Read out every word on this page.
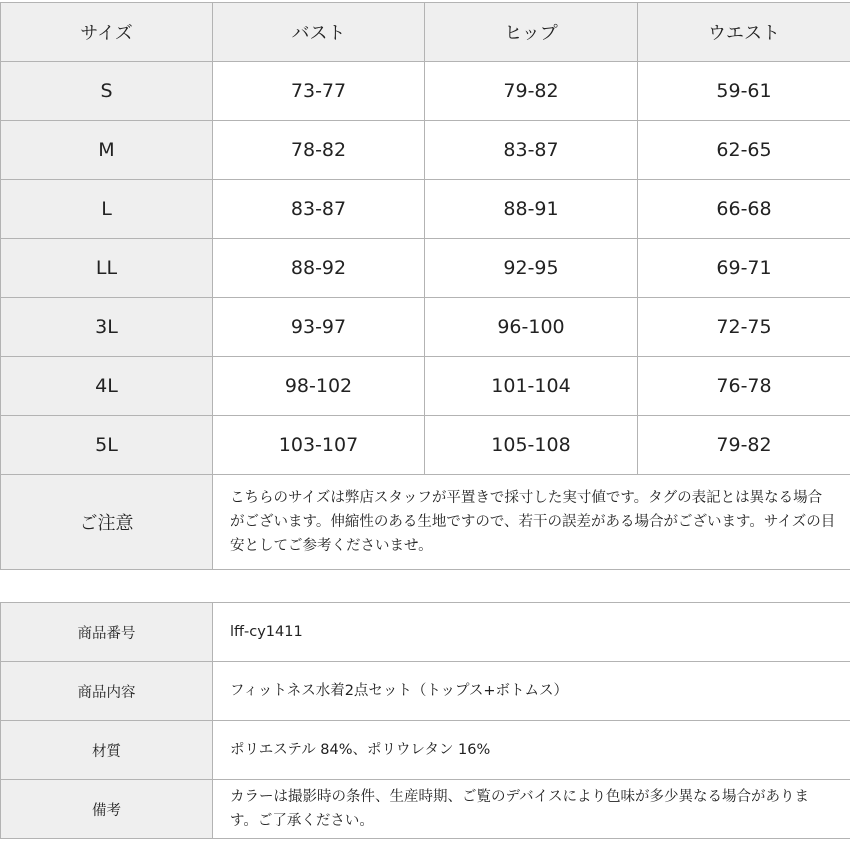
サイズ	バスト	ヒップ	ウエスト
S	73-77	79-82	59-61
M	78-82	83-87	62-65
L	83-87	88-91	66-68
LL	88-92	92-95	69-71
3L	93-97	96-100	72-75
4L	98-102	101-104	76-78
5L	103-107	105-108	79-82
ご注意	こちらのサイズは弊店スタッフが平置きで採寸した実寸値です。タグの表記とは異なる場合がございます。伸縮性のある生地ですので、若干の誤差がある場合がございます。サイズの目安としてご参考くださいませ。		
商品番号	lff-cy1411
商品内容	フィットネス水着2点セット（トップス+ボトムス）
材質	ポリエステル 84%、ポリウレタン 16%
備考	カラーは撮影時の条件、生産時期、ご覧のデバイスにより色味が多少異なる場合があります。ご了承ください。
